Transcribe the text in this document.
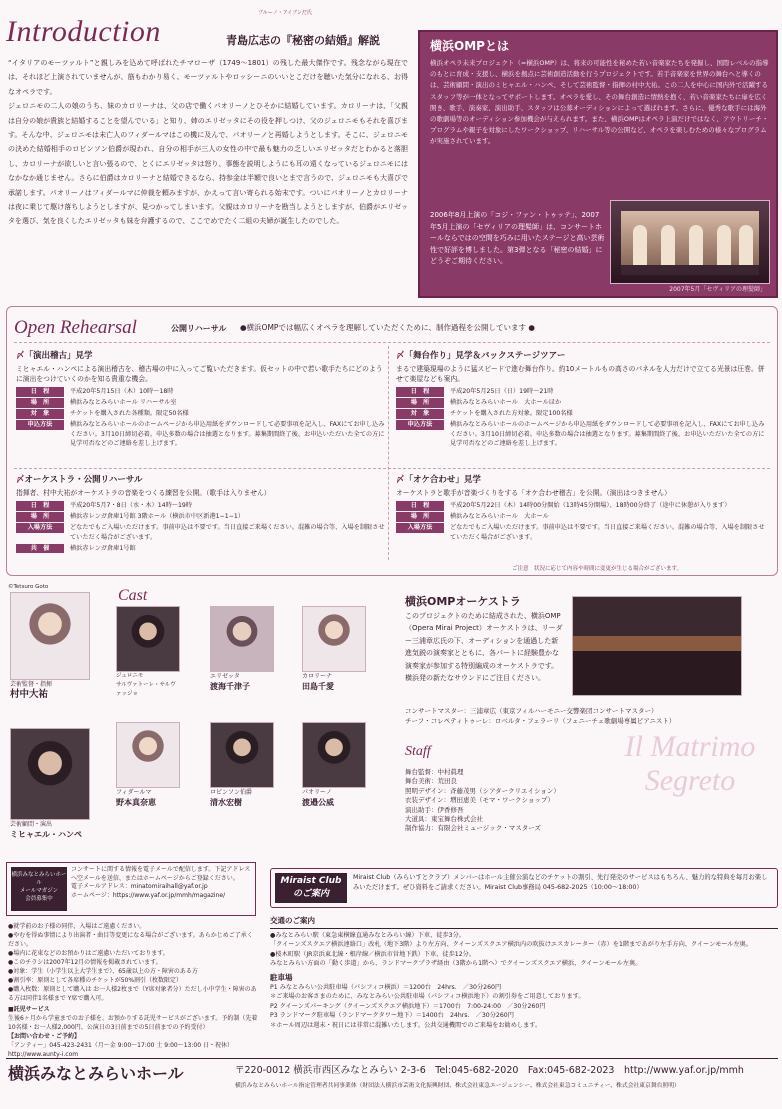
Introduction
ブルーノ・アイブンだ氏
青島広志の『秘密の結婚』解説

“イタリアのモーツァルト”と親しみを込めて呼ばれたチマローザ（1749〜1801）の残した最大傑作です。残念ながら現在では、それほど上演されていませんが、筋もわかり易く、モーツァルトやロッシーニのいいとこだけを聴いた気分になれる、お得なオペラです。

ジェロニモの二人の娘のうち、妹のカロリーナは、父の店で働くパオリーノとひそかに結婚しています。カロリーナは、「父親は自分の娘が貴族と結婚することを望んでいる」と知り、姉のエリゼッタにその役を押しつけ、父のジェロニモもそれを喜びます。そんな中、ジェロニモは未亡人のフィダールマはこの機に及んで、パオリーノと再婚しようとします。そこに、ジェロニモの決めた結婚相手のロビンソン伯爵が現われ、自分の相手が三人の女性の中で最も魅力の乏しいエリゼッタだとわかると落胆し、カロリーナが欲しいと言い張るので、とくにエリゼッタは怒り、事態を説明しようにも耳の遠くなっているジェロニモにはなかなか通じません。さらに伯爵はカロリーナと結婚できるなら、持参金は半額で良いとまで言うので、ジェロニモも大喜びで承諾します。パオリーノはフィダールマに仲裁を頼みますが、かえって言い寄られる始末です。ついにパオリーノとカロリーナは夜に乗じて駆け落ちしようとしますが、見つかってしまいます。父親はカロリーナを勘当しようとしますが、伯爵がエリゼッタを選び、気を良くしたエリゼッタも妹を弁護するので、ここでめでたく二組の夫婦が誕生したのでした。

横浜OMPとは
横浜オペラ未来プロジェクト（=横浜OMP）は、将来の可能性を秘めた若い音楽家たちを発掘し、国際レベルの指導のもとに育成・支援し、横浜を拠点に芸術創造活動を行うプロジェクトです。若手音楽家を世界の舞台へと導くのは、芸術顧問・演出のミヒャエル・ハンペ、そして芸術監督・指揮の村中大祐。この二人を中心に国内外で活躍するスタッフ等が一体となってサポートします。オペラを愛し、その舞台創造に情熱を抱く、若い音楽家たちに扉を広く開き、歌手、演奏家、演出助手、スタッフは公募オーディションによって選ばれます。さらに、優秀な歌手には海外の歌劇場等のオーディション参加機会が与えられます。また、横浜OMPはオペラ上演だけではなく、アウトリーチ・プログラムや親子を対象にしたワークショップ、リハーサル等の公開など、オペラを楽しむための様々なプログラムが実施されています。
2006年8月上演の「コジ・ファン・トゥッテ」、2007年5月上演の「セヴィリアの理髪師」は、コンサートホールならではの空間を巧みに用いたステージと高い芸術性で好評を博しました。第3弾となる「秘密の結婚」にどうぞご期待ください。
2007年5月「セヴィリアの理髪師」
Open Rehearsal	公開リハーサル ●横浜OMPでは幅広くオペラを理解していただくために、制作過程を公開しています ●
〆「演出稽古」見学
ミヒャエル・ハンペによる演出稽古を、稽古場の中に入ってご覧いただきます。仮セットの中で若い歌手たちにどのように演出をつけていくのかを知る貴重な機会。
日　程	平成20年5月15日（木）10時〜18時
場　所	横浜みなとみらいホール リハーサル室
対　象	チケットを購入された各種類。限定50名様
申込方法	横浜みなとみらいホールのホームページから申込用紙をダウンロードして必要事項を記入し、FAXにてお申し込みください。3月10日締切必着。申込多数の場合は抽選となります。募集期間終了後、お申込いただいた全ての方に見学可否などのご連絡を差し上げます。
〆「舞台作り」見学＆バックステージツアー
まるで建築現場のように猛スピードで進む舞台作り。約10メートルもの高さのパネルを人力だけで立てる光景は圧巻。併せて楽屋なども案内。
日　程	平成20年5月25日（日）19時〜21時
場　所	横浜みなとみらいホール　大ホールほか
対　象	チケットを購入された方対象。限定100名様
申込方法	横浜みなとみらいホールのホームページから申込用紙をダウンロードして必要事項を記入し、FAXにてお申し込みください。3月10日締切必着。申込多数の場合は抽選となります。募集期間終了後、お申込いただいた全ての方に見学可否などのご連絡を差し上げます。
〆オーケストラ・公開リハーサル
指揮者、村中大祐がオーケストラの音楽をつくる練習を公開。（歌手は入りません）
日　程	平成20年5月7・8日（水・木）14時〜19時
場　所	横浜赤レンガ倉庫1号館 3階ホール（横浜市中区新港1−1−1）
入場方法	どなたでもご入場いただけます。事前申込は不要です。当日直接ご来場ください。混雑の場合等、入場を制限させていただく場合がございます。
共　催	横浜赤レンガ倉庫1号館
〆「オケ合わせ」見学
オーケストラと歌手が音楽づくりをする「オケ合わせ稽古」を公開。（演出はつきません）
日　程	平成20年5月22日（木）14時00分開始（13時45分開場）、18時00分終了（途中に休憩が入ります）
場　所	横浜みなとみらいホール　大ホール
入場方法	どなたでもご入場いただけます。事前申込は不要です。当日直接ご来場ください。混雑の場合等、入場を制限させていただく場合がございます。
ご注意　状況に応じて内容や時間に変更が生じる場合がございます。
©Tetsuro Goto	Cast
芸術監督・指揮
村中大祐
ジェロニモ
サルヴァトーレ・サルヴァッジョ
エリゼッタ
渡海千津子
カロリーナ
田島千愛
芸術顧問・演出
ミヒャエル・ハンペ
フィダールマ
野本真奈恵
ロビンソン伯爵
清水宏樹
パオリーノ
渡邉公威
横浜OMPオーケストラ
このプロジェクトのために結成された、横浜OMP（Opera Mirai Project）オーケストラは、リーダー三浦章広氏の下、オーディションを通過した新進気鋭の演奏家とともに、各パートに経験豊かな演奏家が参加する特別編成のオーケストラです。横浜発の新たなサウンドにご注目ください。
コンサートマスター：三浦章広（東京フィルハーモニー交響楽団コンサートマスター）
チーフ・コレペティトゥーレ：ロベルタ・フェラーリ（フェニーチェ歌劇場専属ピアニスト）
Il Matrimo
Segreto
Staff
舞台監督：中村眞理
舞台美術：荒田良
照明デザイン：斉藤茂男（シアタークリエイション）
衣装デザイン：増田恵美（モマ・ワークショップ）
演出助手：伊香修吾
大道具：東宝舞台株式会社
制作協力：有限会社ミュージック・マスターズ
横浜みなとみらいホール
メールマガジン
会員募集中
コンサートに関する情報を電子メールで配信します。下記アドレスへ空メールを送信、またはホームページからご登録ください。
電子メールアドレス：minatomiraihall@yaf.or.jp
ホームページ：https://www.yaf.or.jp/mmh/magazine/
Miraist Club
のご案内
Miraist Club（みらいすとクラブ）メンバーはホール主催公演などのチケットの割引、先行発売のサービスはもちろん、魅力的な特典を毎月お楽しみいただけます。ぜひ資料をご請求ください。Miraist Club事務局 045-682-2025（10:00〜18:00）
●就学前のお子様の同伴、入場はご遠慮ください。
●やむを得ぬ事情により出演者・曲目等変更になる場合がございます。あらかじめご了承ください。
●場内に花束などのお預かりはご遠慮いただいております。
●このチラシは2007年12月の情報を掲載されています。
●対象：学生（小学生以上大学生まで）、65歳以上の方・障害のある方
●割引率：原則として各席種のチケットが50%割引（枚数限定）
●購入枚数：原則として購入は お一人様2枚まで（Y席対象者分）ただし小中学生・障害のある方は同伴1名様まで Y席で購入可。
■託児サービス
生後6ヶ月から学童までのお子様を、お預かりする託児サービスがございます。予約制（先着10名様・お一人様2,000円、公演日の3日前までの5日前までの予約受付）
【お問い合わせ・ご予約】
「アンティー」045-423-2431（月〜金 9:00〜17:00 土 9:00〜13:00 日・祝休）
http://www.aunty-i.com
交通のご案内
●みなとみらい駅（東急東横線直通みなとみらい線）下車、徒歩3分。
「クイーンズスクエア横浜連絡口」改札（地下3階）より左方向、クイーンズスクエア横浜内の吹抜けエスカレーター（赤）を1階まであがり左手方向、クイーンモール左奥。
●桜木町駅（JR京浜東北線・根岸線／横浜市営地下鉄）下車、徒歩12分。
みなとみらい方面の「動く歩道」から、ランドマークプラザ経由（3階から1階へ）でクイーンズスクエア横浜、クイーンモール左奥。
駐車場
P1 みなとみらい公共駐車場（パシフィコ横浜）＝1200台　24hrs.　／30分260円
＊ご来場のお客さまのために、みなとみらい公共駐車場（パシフィコ横浜地下）の割引券をご用意しております。
P2 クイーンズパーキング（クイーンズスクエア横浜地下）＝1700台　7:00-24:00　／30分260円
P3 ランドマーク駐車場（ランドマークタワー地下）＝1400台　24hrs.　／30分260円
＊ホール周辺は週末・祝日には非常に混雑いたします。公共交通機関でのご来場をお勧めします。
横浜みなとみらいホール	〒220-0012 横浜市西区みなとみらい 2-3-6　Tel:045-682-2020　Fax:045-682-2023　http://www.yaf.or.jp/mmh
横浜みなとみらいホール指定管理者共同事業体（財団法人横浜市芸術文化振興財団、株式会社東急エージェンシー、株式会社東急コミュニティー、株式会社東京舞台照明）
